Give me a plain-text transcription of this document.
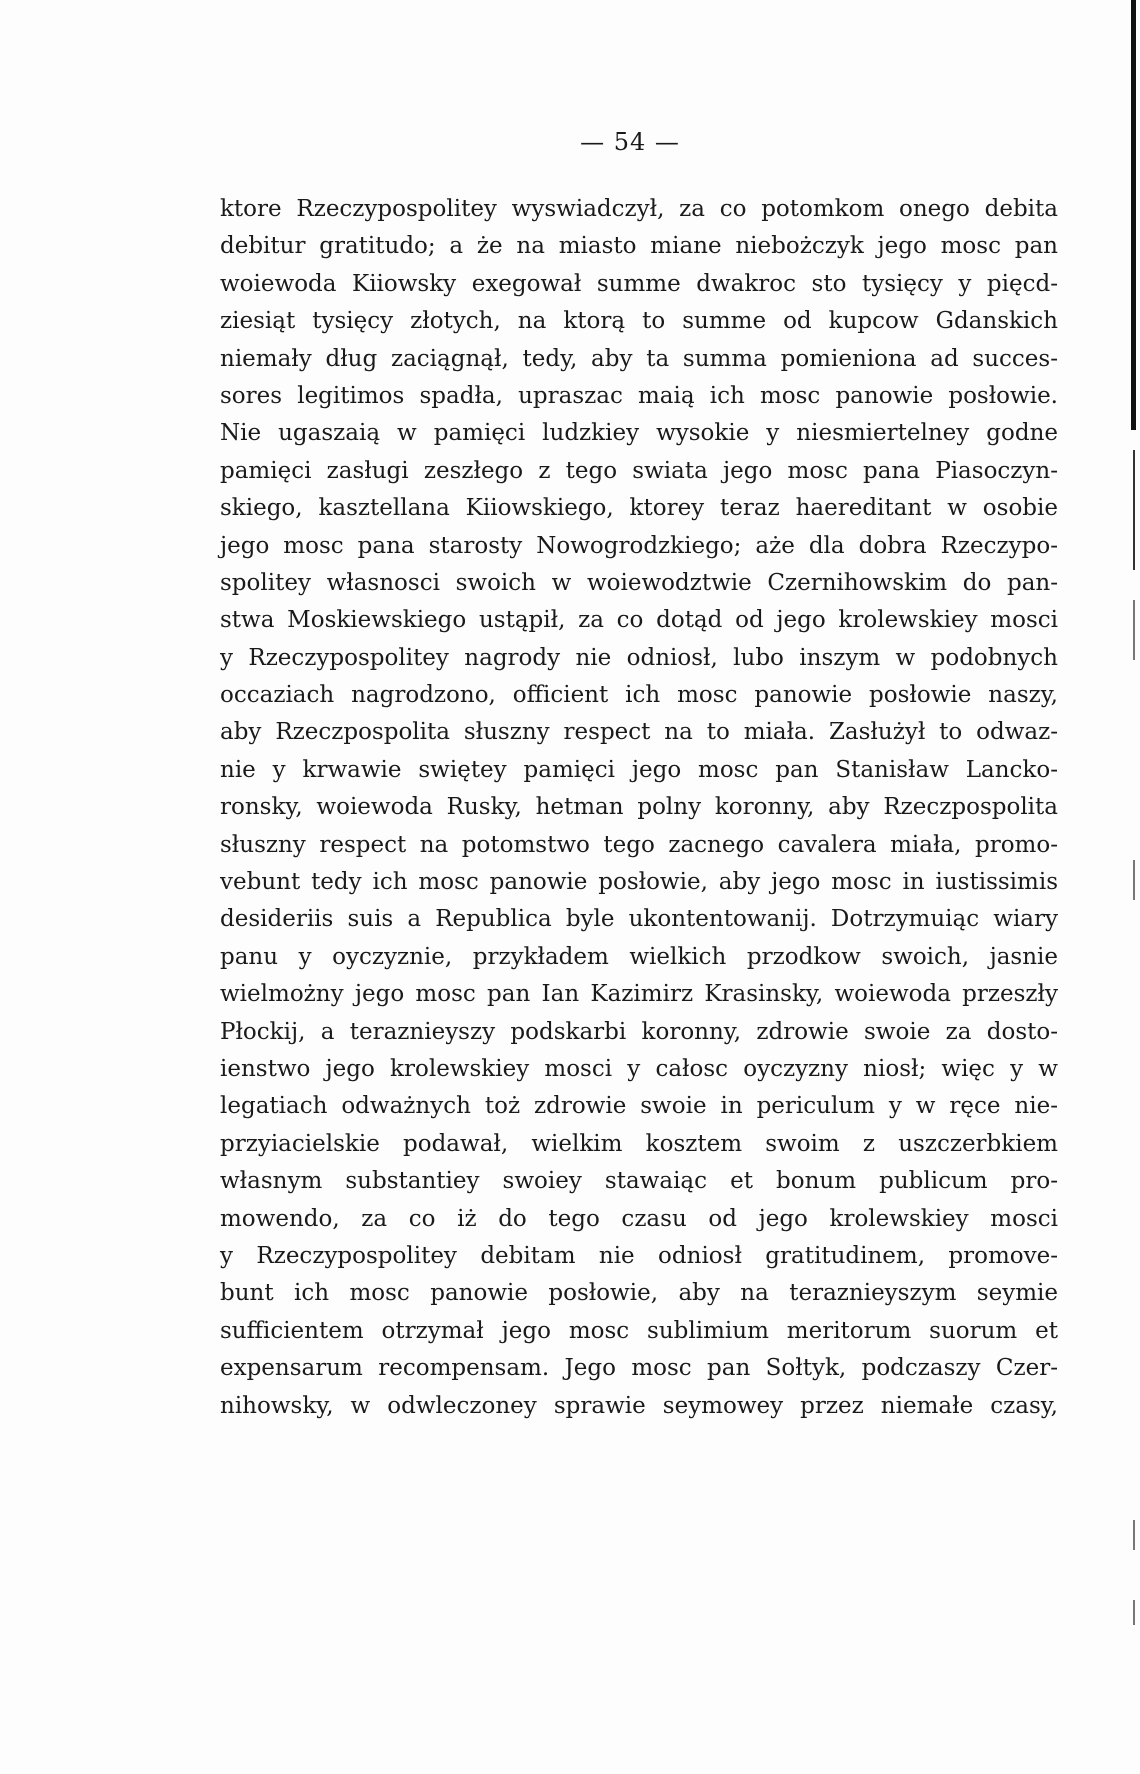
— 54 —
ktore Rzeczypospolitey wyswiadczył, za co potomkom onego debita
debitur gratitudo; a że na miasto miane niebożczyk jego mosc pan
woiewoda Kiiowsky exegował summe dwakroc sto tysięcy y pięcd-
ziesiąt tysięcy złotych, na ktorą to summe od kupcow Gdanskich
niemały dług zaciągnął, tedy, aby ta summa pomieniona ad succes-
sores legitimos spadła, upraszac maią ich mosc panowie posłowie.
Nie ugaszaią w pamięci ludzkiey wysokie y niesmiertelney godne
pamięci zasługi zeszłego z tego swiata jego mosc pana Piasoczyn-
skiego, kasztellana Kiiowskiego, ktorey teraz haereditant w osobie
jego mosc pana starosty Nowogrodzkiego; aże dla dobra Rzeczypo-
spolitey własnosci swoich w woiewodztwie Czernihowskim do pan-
stwa Moskiewskiego ustąpił, za co dotąd od jego krolewskiey mosci
y Rzeczypospolitey nagrody nie odniosł, lubo inszym w podobnych
occaziach nagrodzono, officient ich mosc panowie posłowie naszy,
aby Rzeczpospolita słuszny respect na to miała. Zasłużył to odwaz-
nie y krwawie swiętey pamięci jego mosc pan Stanisław Lancko-
ronsky, woiewoda Rusky, hetman polny koronny, aby Rzeczpospolita
słuszny respect na potomstwo tego zacnego cavalera miała, promo-
vebunt tedy ich mosc panowie posłowie, aby jego mosc in iustissimis
desideriis suis a Republica byle ukontentowanij. Dotrzymuiąc wiary
panu y oyczyznie, przykładem wielkich przodkow swoich, jasnie
wielmożny jego mosc pan Ian Kazimirz Krasinsky, woiewoda przeszły
Płockij, a teraznieyszy podskarbi koronny, zdrowie swoie za dosto-
ienstwo jego krolewskiey mosci y całosc oyczyzny niosł; więc y w
legatiach odważnych toż zdrowie swoie in periculum y w ręce nie-
przyiacielskie podawał, wielkim kosztem swoim z uszczerbkiem
własnym substantiey swoiey stawaiąc et bonum publicum pro-
mowendo, za co iż do tego czasu od jego krolewskiey mosci
y Rzeczypospolitey debitam nie odniosł gratitudinem, promove-
bunt ich mosc panowie posłowie, aby na teraznieyszym seymie
sufficientem otrzymał jego mosc sublimium meritorum suorum et
expensarum recompensam. Jego mosc pan Sołtyk, podczaszy Czer-
nihowsky, w odwleczoney sprawie seymowey przez niemałe czasy,
